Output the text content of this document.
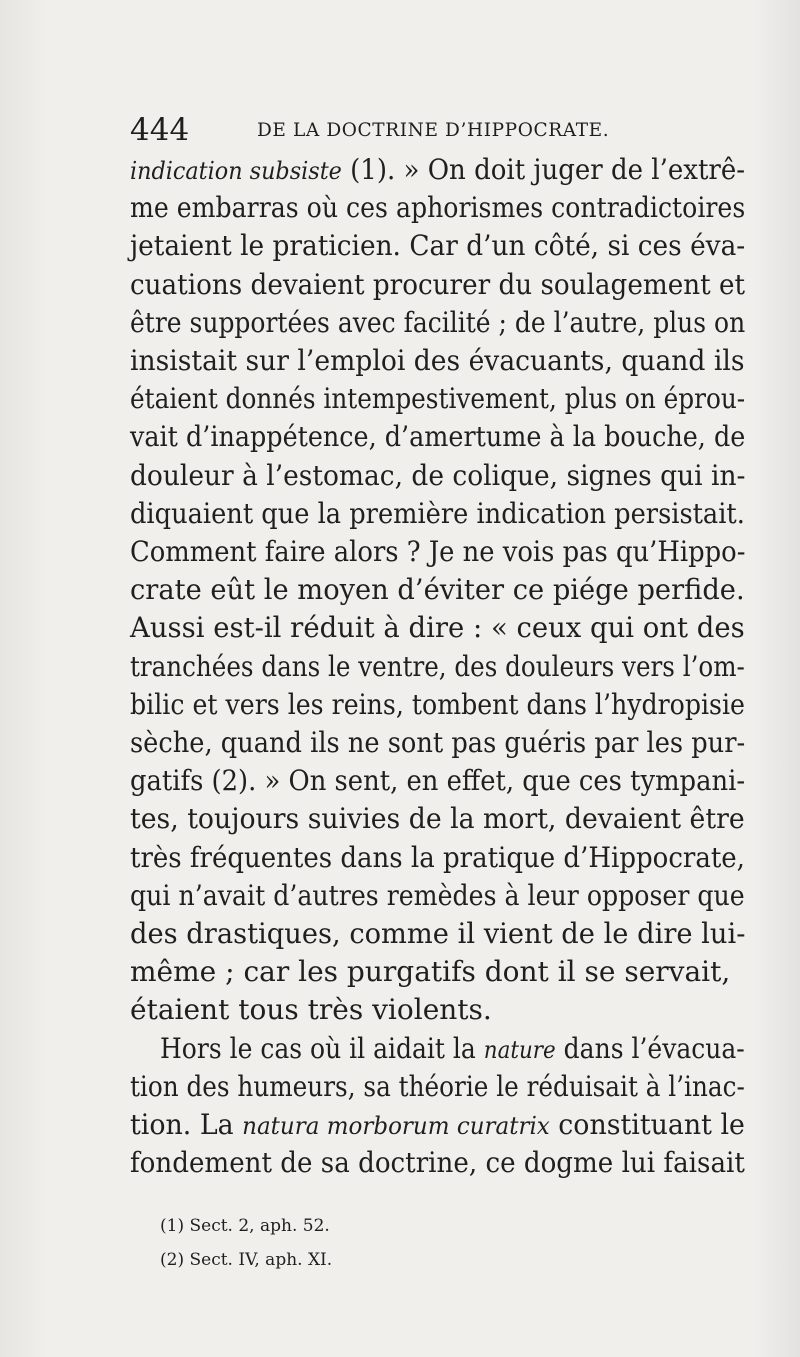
444	DE LA DOCTRINE D’HIPPOCRATE.
indication subsiste (1). » On doit juger de l’extrê-
me embarras où ces aphorismes contradictoires
jetaient le praticien. Car d’un côté, si ces éva-
cuations devaient procurer du soulagement et
être supportées avec facilité ; de l’autre, plus on
insistait sur l’emploi des évacuants, quand ils
étaient donnés intempestivement, plus on éprou-
vait d’inappétence, d’amertume à la bouche, de
douleur à l’estomac, de colique, signes qui in-
diquaient que la première indication persistait.
Comment faire alors ? Je ne vois pas qu’Hippo-
crate eût le moyen d’éviter ce piége perfide.
Aussi est-il réduit à dire : « ceux qui ont des
tranchées dans le ventre, des douleurs vers l’om-
bilic et vers les reins, tombent dans l’hydropisie
sèche, quand ils ne sont pas guéris par les pur-
gatifs (2). » On sent, en effet, que ces tympani-
tes, toujours suivies de la mort, devaient être
très fréquentes dans la pratique d’Hippocrate,
qui n’avait d’autres remèdes à leur opposer que
des drastiques, comme il vient de le dire lui-
même ; car les purgatifs dont il se servait,
étaient tous très violents.
Hors le cas où il aidait la nature dans l’évacua-
tion des humeurs, sa théorie le réduisait à l’inac-
tion. La natura morborum curatrix constituant le
fondement de sa doctrine, ce dogme lui faisait
(1) Sect. 2, aph. 52.
(2) Sect. IV, aph. XI.
